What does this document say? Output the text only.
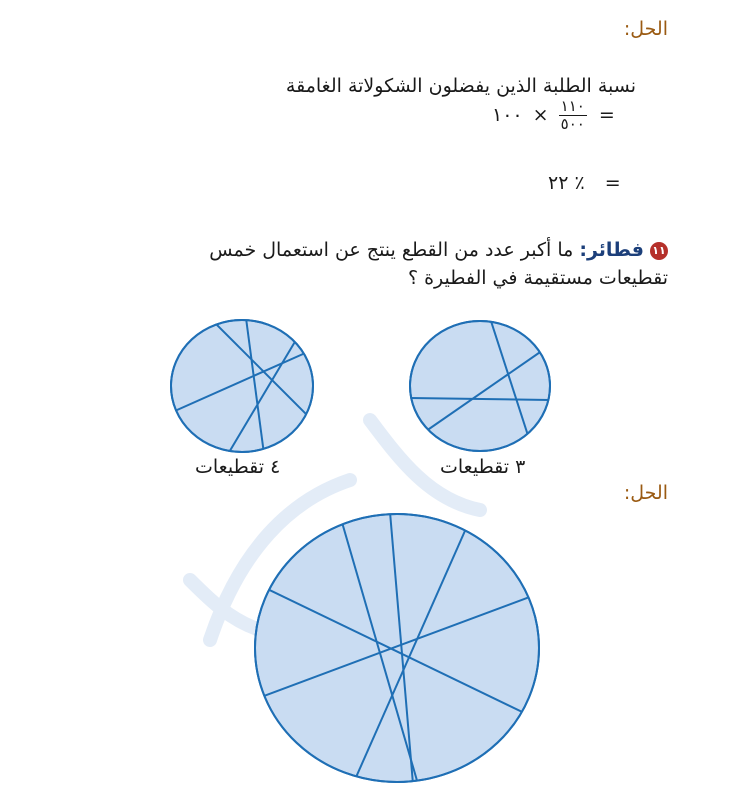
الحل:
نسبة الطلبة الذين يفضلون الشكولاتة الغامقة
١٠٠ × $\frac{١١٠}{٥٠٠}$ =
٢٢ ٪ =
١١فطائر: ما أكبر عدد من القطع ينتج عن استعمال خمس
تقطيعات مستقيمة في الفطيرة ؟
٤ تقطيعات	٣ تقطيعات
الحل:
